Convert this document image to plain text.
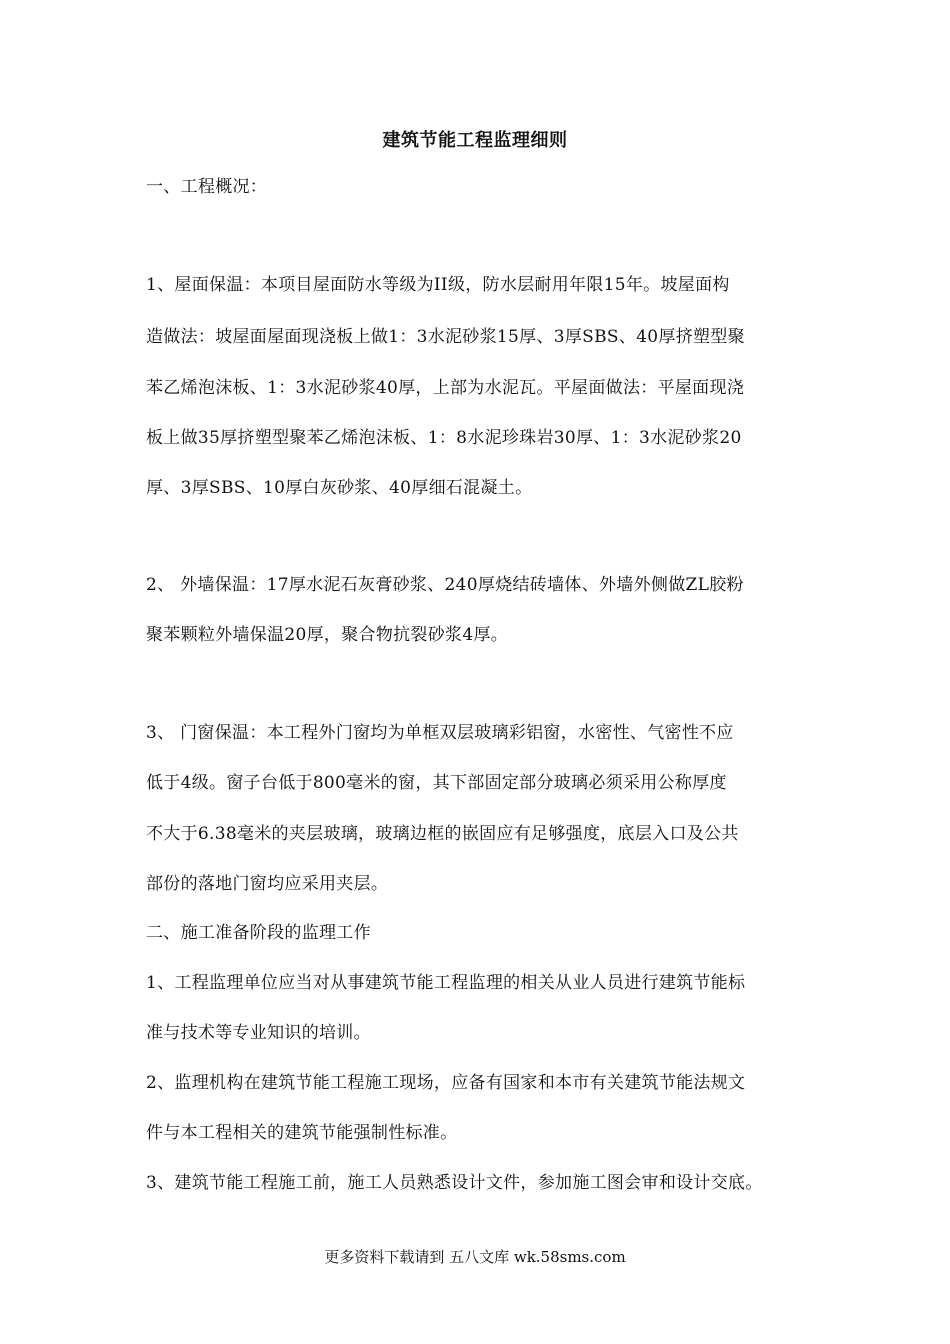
建筑节能工程监理细则
一、工程概况：
1、屋面保温：本项目屋面防水等级为II级，防水层耐用年限15年。坡屋面构
造做法：坡屋面屋面现浇板上做1：3水泥砂浆15厚、3厚SBS、40厚挤塑型聚
苯乙烯泡沫板、1：3水泥砂浆40厚，上部为水泥瓦。平屋面做法：平屋面现浇
板上做35厚挤塑型聚苯乙烯泡沫板、1：8水泥珍珠岩30厚、1：3水泥砂浆20
厚、3厚SBS、10厚白灰砂浆、40厚细石混凝土。
2、 外墙保温：17厚水泥石灰膏砂浆、240厚烧结砖墙体、外墙外侧做ZL胶粉
聚苯颗粒外墙保温20厚，聚合物抗裂砂浆4厚。
3、 门窗保温：本工程外门窗均为单框双层玻璃彩铝窗，水密性、气密性不应
低于4级。窗子台低于800毫米的窗，其下部固定部分玻璃必须采用公称厚度
不大于6.38毫米的夹层玻璃，玻璃边框的嵌固应有足够强度，底层入口及公共
部份的落地门窗均应采用夹层。
二、施工准备阶段的监理工作
1、工程监理单位应当对从事建筑节能工程监理的相关从业人员进行建筑节能标
准与技术等专业知识的培训。
2、监理机构在建筑节能工程施工现场，应备有国家和本市有关建筑节能法规文
件与本工程相关的建筑节能强制性标准。
3、建筑节能工程施工前，施工人员熟悉设计文件，参加施工图会审和设计交底。
更多资料下载请到 五八文库 wk.58sms.com
